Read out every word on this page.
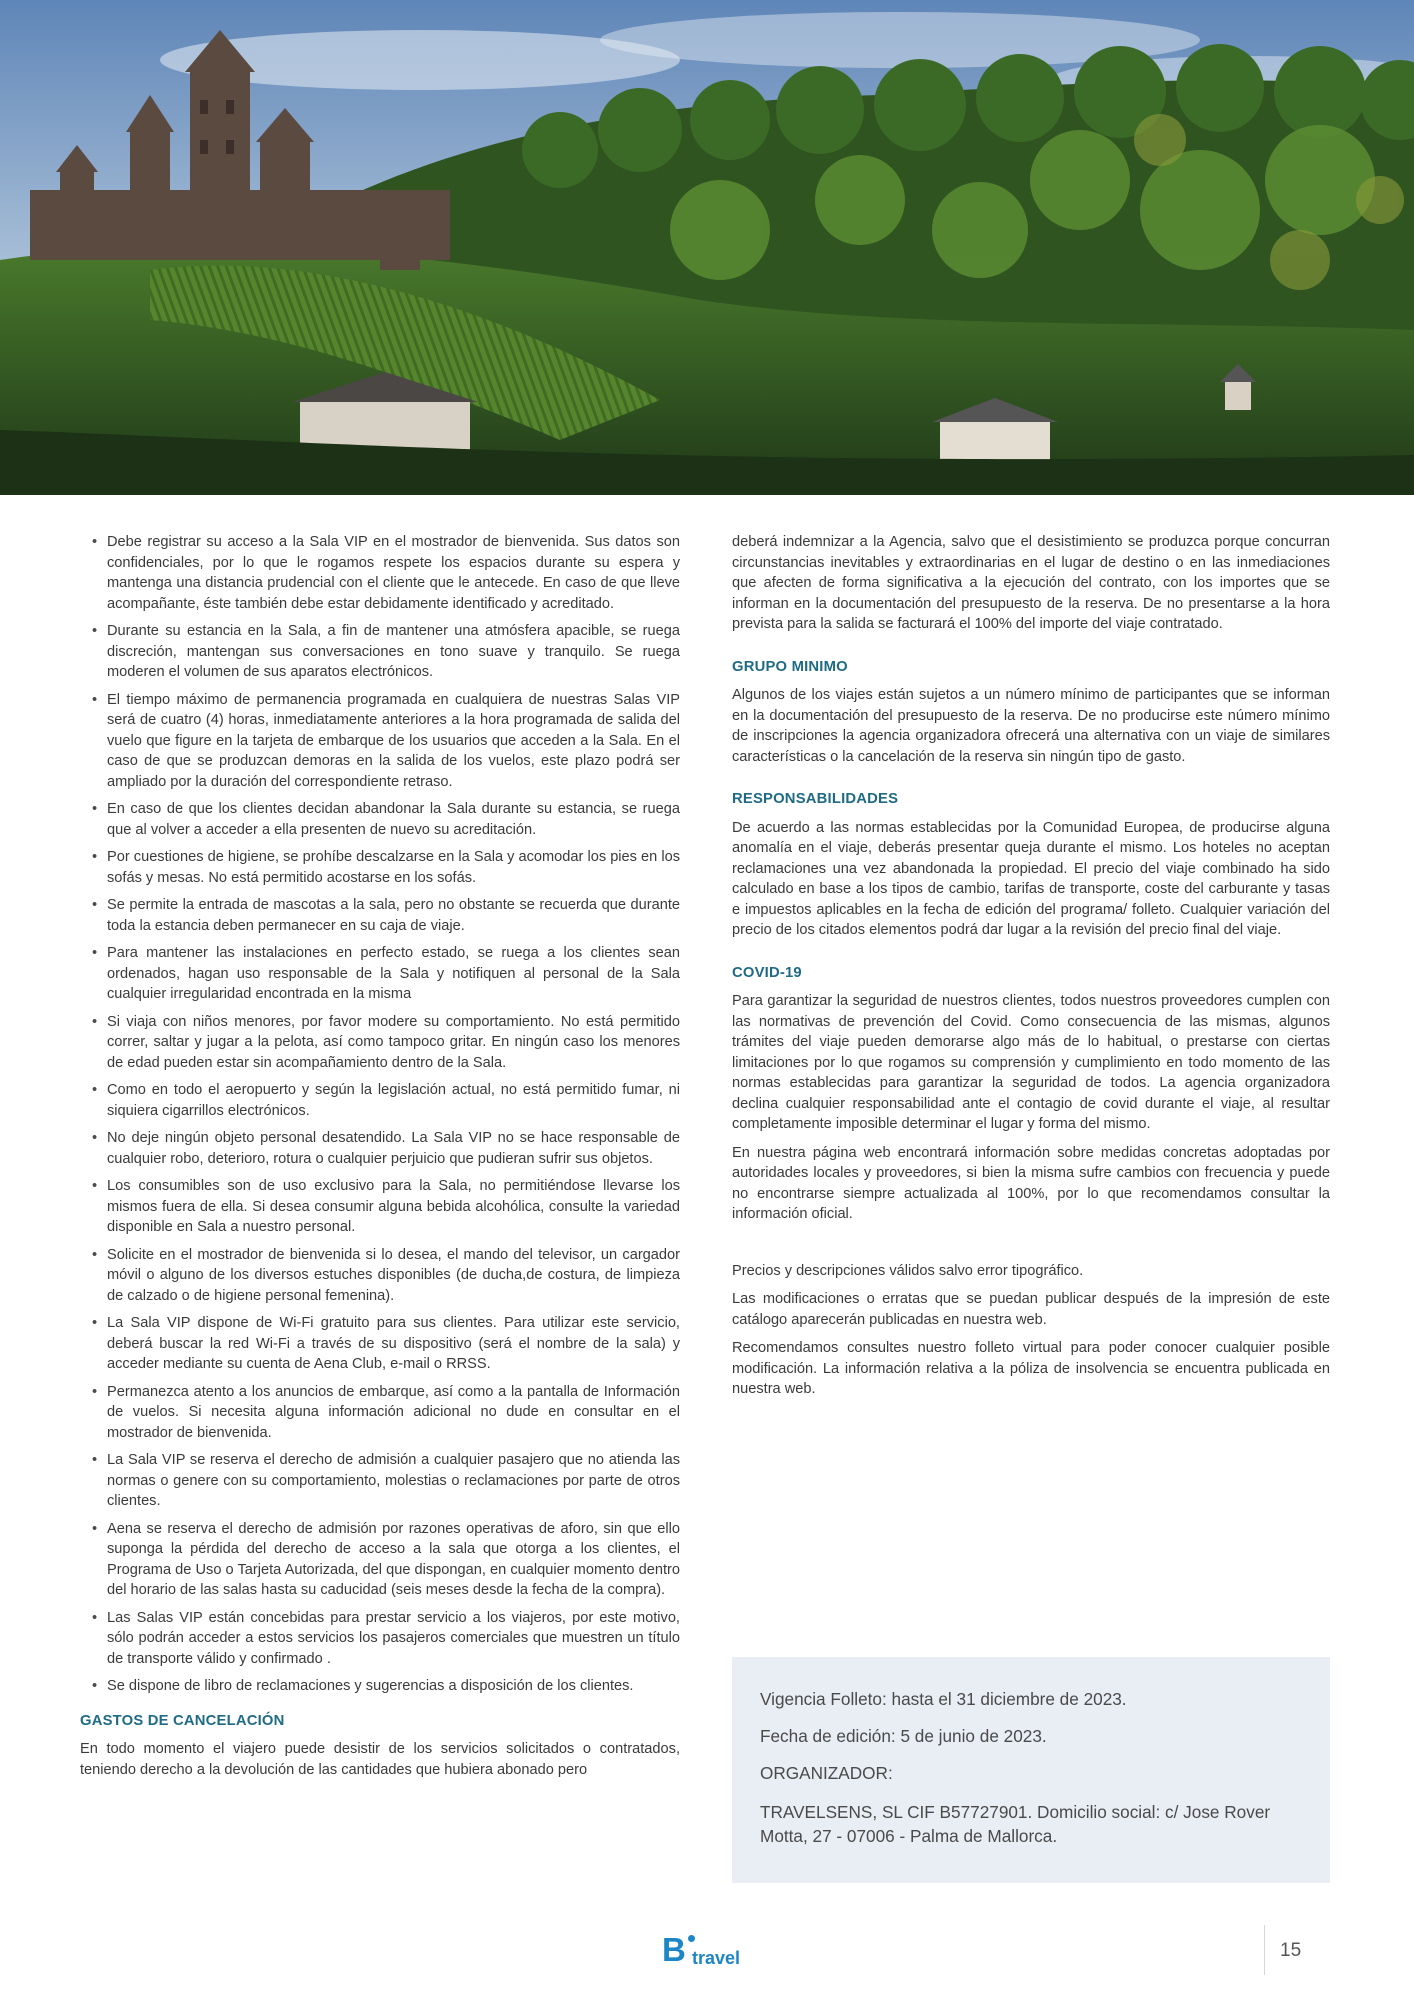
• Debe registrar su acceso a la Sala VIP en el mostrador de bienvenida. Sus datos son confidenciales, por lo que le rogamos respete los espacios durante su espera y mantenga una distancia prudencial con el cliente que le antecede. En caso de que lleve acompañante, éste también debe estar debidamente identificado y acreditado.
• Durante su estancia en la Sala, a fin de mantener una atmósfera apacible, se ruega discreción, mantengan sus conversaciones en tono suave y tranquilo. Se ruega moderen el volumen de sus aparatos electrónicos.
• El tiempo máximo de permanencia programada en cualquiera de nuestras Salas VIP será de cuatro (4) horas, inmediatamente anteriores a la hora programada de salida del vuelo que figure en la tarjeta de embarque de los usuarios que acceden a la Sala. En el caso de que se produzcan demoras en la salida de los vuelos, este plazo podrá ser ampliado por la duración del correspondiente retraso.
• En caso de que los clientes decidan abandonar la Sala durante su estancia, se ruega que al volver a acceder a ella presenten de nuevo su acreditación.
• Por cuestiones de higiene, se prohíbe descalzarse en la Sala y acomodar los pies en los sofás y mesas. No está permitido acostarse en los sofás.
• Se permite la entrada de mascotas a la sala, pero no obstante se recuerda que durante toda la estancia deben permanecer en su caja de viaje.
• Para mantener las instalaciones en perfecto estado, se ruega a los clientes sean ordenados, hagan uso responsable de la Sala y notifiquen al personal de la Sala cualquier irregularidad encontrada en la misma
• Si viaja con niños menores, por favor modere su comportamiento. No está permitido correr, saltar y jugar a la pelota, así como tampoco gritar. En ningún caso los menores de edad pueden estar sin acompañamiento dentro de la Sala.
• Como en todo el aeropuerto y según la legislación actual, no está permitido fumar, ni siquiera cigarrillos electrónicos.
• No deje ningún objeto personal desatendido. La Sala VIP no se hace responsable de cualquier robo, deterioro, rotura o cualquier perjuicio que pudieran sufrir sus objetos.
• Los consumibles son de uso exclusivo para la Sala, no permitiéndose llevarse los mismos fuera de ella. Si desea consumir alguna bebida alcohólica, consulte la variedad disponible en Sala a nuestro personal.
• Solicite en el mostrador de bienvenida si lo desea, el mando del televisor, un cargador móvil o alguno de los diversos estuches disponibles (de ducha,de costura, de limpieza de calzado o de higiene personal femenina).
• La Sala VIP dispone de Wi-Fi gratuito para sus clientes. Para utilizar este servicio, deberá buscar la red Wi-Fi a través de su dispositivo (será el nombre de la sala) y acceder mediante su cuenta de Aena Club, e-mail o RRSS.
• Permanezca atento a los anuncios de embarque, así como a la pantalla de Información de vuelos. Si necesita alguna información adicional no dude en consultar en el mostrador de bienvenida.
• La Sala VIP se reserva el derecho de admisión a cualquier pasajero que no atienda las normas o genere con su comportamiento, molestias o reclamaciones por parte de otros clientes.
• Aena se reserva el derecho de admisión por razones operativas de aforo, sin que ello suponga la pérdida del derecho de acceso a la sala que otorga a los clientes, el Programa de Uso o Tarjeta Autorizada, del que dispongan, en cualquier momento dentro del horario de las salas hasta su caducidad (seis meses desde la fecha de la compra).
• Las Salas VIP están concebidas para prestar servicio a los viajeros, por este motivo, sólo podrán acceder a estos servicios los pasajeros comerciales que muestren un título de transporte válido y confirmado .
• Se dispone de libro de reclamaciones y sugerencias a disposición de los clientes.
GASTOS DE CANCELACIÓN

En todo momento el viajero puede desistir de los servicios solicitados o contratados, teniendo derecho a la devolución de las cantidades que hubiera abonado pero

deberá indemnizar a la Agencia, salvo que el desistimiento se produzca porque concurran circunstancias inevitables y extraordinarias en el lugar de destino o en las inmediaciones que afecten de forma significativa a la ejecución del contrato, con los importes que se informan en la documentación del presupuesto de la reserva. De no presentarse a la hora prevista para la salida se facturará el 100% del importe del viaje contratado.

GRUPO MINIMO

Algunos de los viajes están sujetos a un número mínimo de participantes que se informan en la documentación del presupuesto de la reserva. De no producirse este número mínimo de inscripciones la agencia organizadora ofrecerá una alternativa con un viaje de similares características o la cancelación de la reserva sin ningún tipo de gasto.

RESPONSABILIDADES

De acuerdo a las normas establecidas por la Comunidad Europea, de producirse alguna anomalía en el viaje, deberás presentar queja durante el mismo. Los hoteles no aceptan reclamaciones una vez abandonada la propiedad. El precio del viaje combinado ha sido calculado en base a los tipos de cambio, tarifas de transporte, coste del carburante y tasas e impuestos aplicables en la fecha de edición del programa/ folleto. Cualquier variación del precio de los citados elementos podrá dar lugar a la revisión del precio final del viaje.

COVID-19

Para garantizar la seguridad de nuestros clientes, todos nuestros proveedores cumplen con las normativas de prevención del Covid. Como consecuencia de las mismas, algunos trámites del viaje pueden demorarse algo más de lo habitual, o prestarse con ciertas limitaciones por lo que rogamos su comprensión y cumplimiento en todo momento de las normas establecidas para garantizar la seguridad de todos. La agencia organizadora declina cualquier responsabilidad ante el contagio de covid durante el viaje, al resultar completamente imposible determinar el lugar y forma del mismo.

En nuestra página web encontrará información sobre medidas concretas adoptadas por autoridades locales y proveedores, si bien la misma sufre cambios con frecuencia y puede no encontrarse siempre actualizada al 100%, por lo que recomendamos consultar la información oficial.

Precios y descripciones válidos salvo error tipográfico.

Las modificaciones o erratas que se puedan publicar después de la impresión de este catálogo aparecerán publicadas en nuestra web.

Recomendamos consultes nuestro folleto virtual para poder conocer cualquier posible modificación. La información relativa a la póliza de insolvencia se encuentra publicada en nuestra web.

Vigencia Folleto: hasta el 31 diciembre de 2023.
Fecha de edición: 5 de junio de 2023.
ORGANIZADOR:
TRAVELSENS, SL CIF B57727901. Domicilio social: c/ Jose Rover Motta, 27 - 07006 - Palma de Mallorca.
B travel	15
